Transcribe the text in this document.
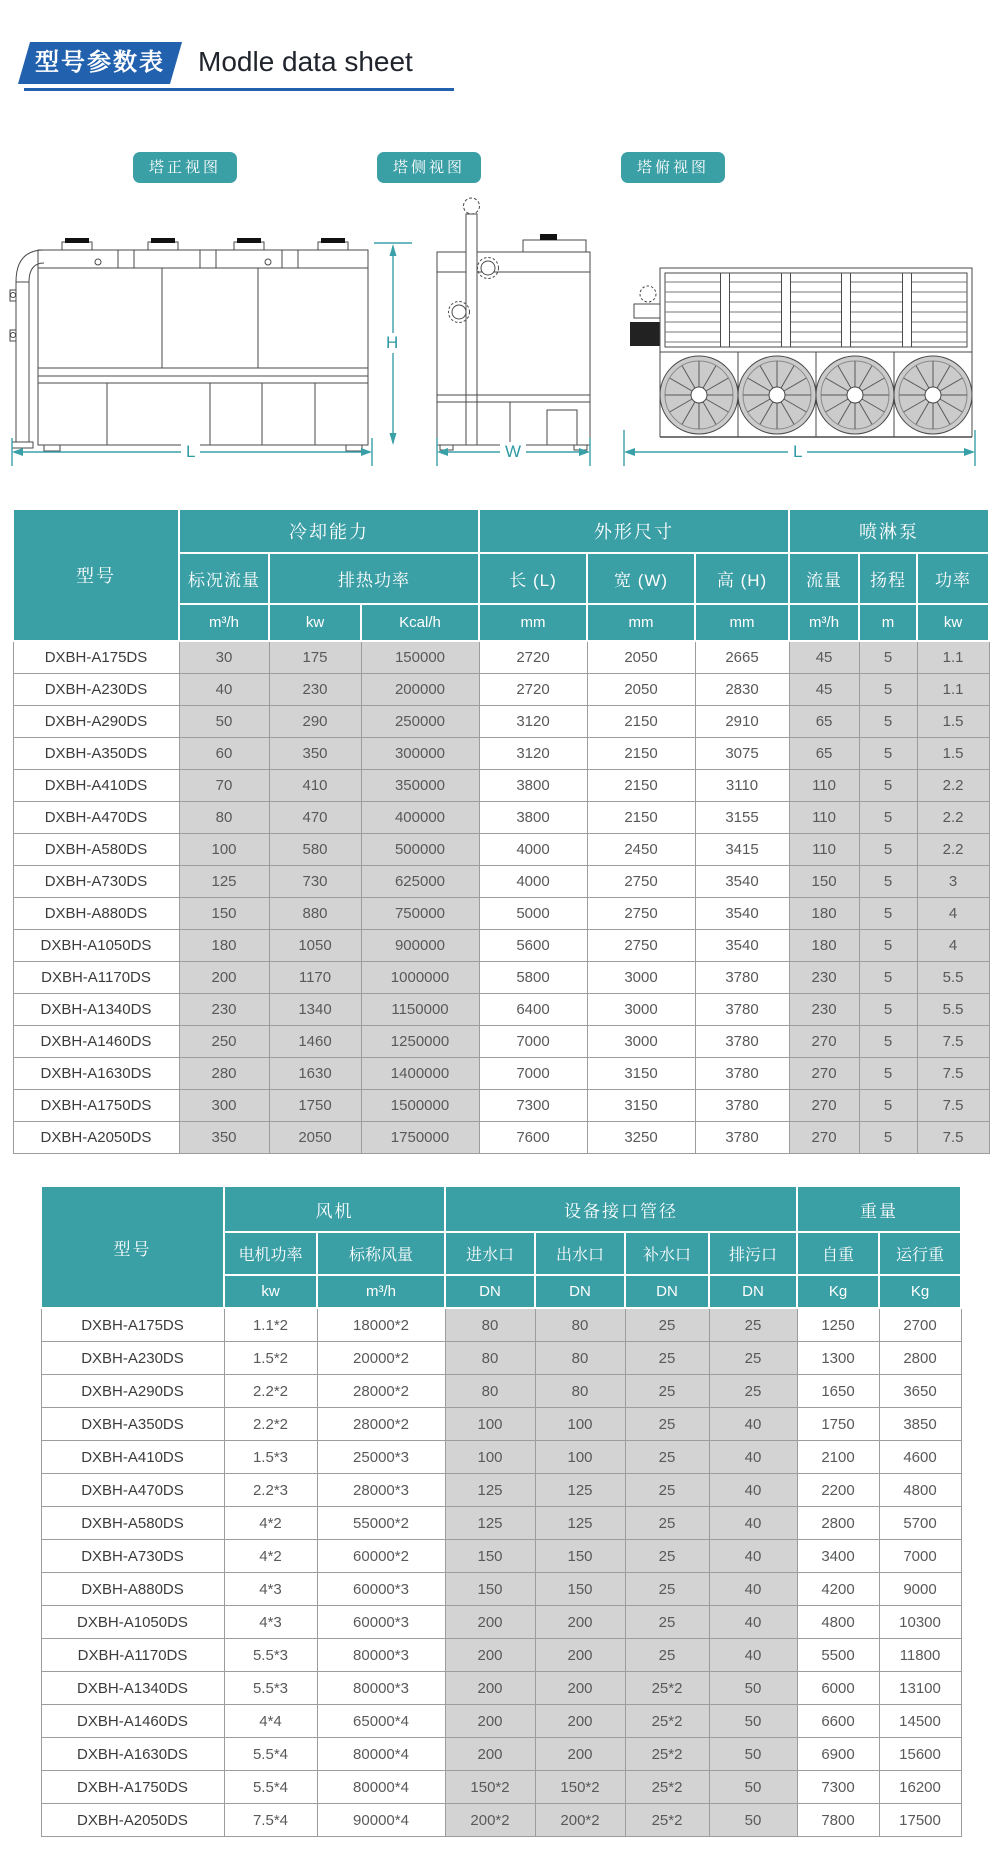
型号参数表	Modle data sheet
塔正视图	塔侧视图	塔俯视图
L	W	L
H
型号	冷却能力			外形尺寸			喷淋泵		
	标况流量	排热功率		长 (L)	宽 (W)	高 (H)	流量	扬程	功率
	m³/h	kw	Kcal/h	mm	mm	mm	m³/h	m	kw
DXBH-A175DS	30	175	150000	2720	2050	2665	45	5	1.1
DXBH-A230DS	40	230	200000	2720	2050	2830	45	5	1.1
DXBH-A290DS	50	290	250000	3120	2150	2910	65	5	1.5
DXBH-A350DS	60	350	300000	3120	2150	3075	65	5	1.5
DXBH-A410DS	70	410	350000	3800	2150	3110	110	5	2.2
DXBH-A470DS	80	470	400000	3800	2150	3155	110	5	2.2
DXBH-A580DS	100	580	500000	4000	2450	3415	110	5	2.2
DXBH-A730DS	125	730	625000	4000	2750	3540	150	5	3
DXBH-A880DS	150	880	750000	5000	2750	3540	180	5	4
DXBH-A1050DS	180	1050	900000	5600	2750	3540	180	5	4
DXBH-A1170DS	200	1170	1000000	5800	3000	3780	230	5	5.5
DXBH-A1340DS	230	1340	1150000	6400	3000	3780	230	5	5.5
DXBH-A1460DS	250	1460	1250000	7000	3000	3780	270	5	7.5
DXBH-A1630DS	280	1630	1400000	7000	3150	3780	270	5	7.5
DXBH-A1750DS	300	1750	1500000	7300	3150	3780	270	5	7.5
DXBH-A2050DS	350	2050	1750000	7600	3250	3780	270	5	7.5
型号	风机		设备接口管径				重量	
	电机功率	标称风量	进水口	出水口	补水口	排污口	自重	运行重
	kw	m³/h	DN	DN	DN	DN	Kg	Kg
DXBH-A175DS	1.1*2	18000*2	80	80	25	25	1250	2700
DXBH-A230DS	1.5*2	20000*2	80	80	25	25	1300	2800
DXBH-A290DS	2.2*2	28000*2	80	80	25	25	1650	3650
DXBH-A350DS	2.2*2	28000*2	100	100	25	40	1750	3850
DXBH-A410DS	1.5*3	25000*3	100	100	25	40	2100	4600
DXBH-A470DS	2.2*3	28000*3	125	125	25	40	2200	4800
DXBH-A580DS	4*2	55000*2	125	125	25	40	2800	5700
DXBH-A730DS	4*2	60000*2	150	150	25	40	3400	7000
DXBH-A880DS	4*3	60000*3	150	150	25	40	4200	9000
DXBH-A1050DS	4*3	60000*3	200	200	25	40	4800	10300
DXBH-A1170DS	5.5*3	80000*3	200	200	25	40	5500	11800
DXBH-A1340DS	5.5*3	80000*3	200	200	25*2	50	6000	13100
DXBH-A1460DS	4*4	65000*4	200	200	25*2	50	6600	14500
DXBH-A1630DS	5.5*4	80000*4	200	200	25*2	50	6900	15600
DXBH-A1750DS	5.5*4	80000*4	150*2	150*2	25*2	50	7300	16200
DXBH-A2050DS	7.5*4	90000*4	200*2	200*2	25*2	50	7800	17500
